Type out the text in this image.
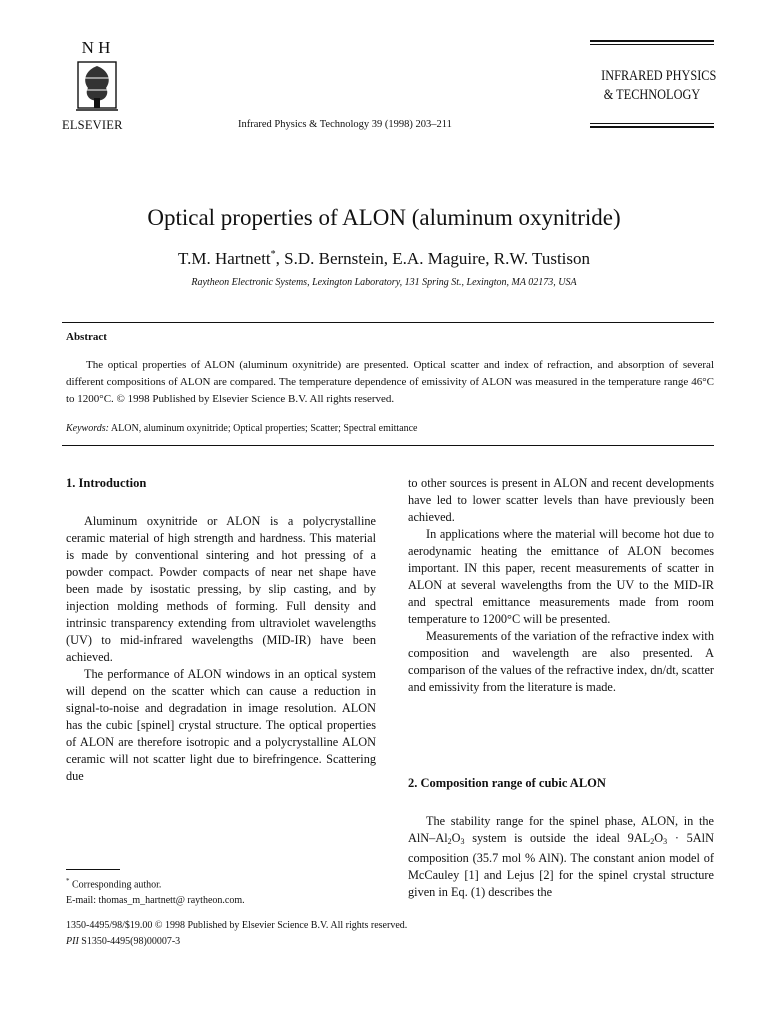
N H
ELSEVIER	Infrared Physics & Technology 39 (1998) 203–211
INFRARED PHYSICS
& TECHNOLOGY
Optical properties of ALON (aluminum oxynitride)
T.M. Hartnett*, S.D. Bernstein, E.A. Maguire, R.W. Tustison
Raytheon Electronic Systems, Lexington Laboratory, 131 Spring St., Lexington, MA 02173, USA
Abstract
The optical properties of ALON (aluminum oxynitride) are presented. Optical scatter and index of refraction, and absorption of several different compositions of ALON are compared. The temperature dependence of emissivity of ALON was measured in the temperature range 46°C to 1200°C. © 1998 Published by Elsevier Science B.V. All rights reserved.
Keywords: ALON, aluminum oxynitride; Optical properties; Scatter; Spectral emittance
1. Introduction

Aluminum oxynitride or ALON is a polycrystalline ceramic material of high strength and hardness. This material is made by conventional sintering and hot pressing of a powder compact. Powder compacts of near net shape have been made by isostatic pressing, by slip casting, and by injection molding methods of forming. Full density and intrinsic transparency extending from ultraviolet wavelengths (UV) to mid-infrared wavelengths (MID-IR) have been achieved.

The performance of ALON windows in an optical system will depend on the scatter which can cause a reduction in signal-to-noise and degradation in image resolution. ALON has the cubic [spinel] crystal structure. The optical properties of ALON are therefore isotropic and a polycrystalline ALON ceramic will not scatter light due to birefringence. Scattering due

to other sources is present in ALON and recent developments have led to lower scatter levels than have previously been achieved.

In applications where the material will become hot due to aerodynamic heating the emittance of ALON becomes important. IN this paper, recent measurements of scatter in ALON at several wavelengths from the UV to the MID-IR and spectral emittance measurements made from room temperature to 1200°C will be presented.

Measurements of the variation of the refractive index with composition and wavelength are also presented. A comparison of the values of the refractive index, dn/dt, scatter and emissivity from the literature is made.

2. Composition range of cubic ALON

The stability range for the spinel phase, ALON, in the AlN–$Al_2O_3$ system is outside the ideal $9AL_2O_3 \cdot 5AlN$ composition (35.7 mol % AlN). The constant anion model of McCauley [1] and Lejus [2] for the spinel crystal structure given in Eq. (1) describes the

* Corresponding author.
E-mail: thomas_m_hartnett@ raytheon.com.
1350-4495/98/$19.00 © 1998 Published by Elsevier Science B.V. All rights reserved.
PII S1350-4495(98)00007-3
